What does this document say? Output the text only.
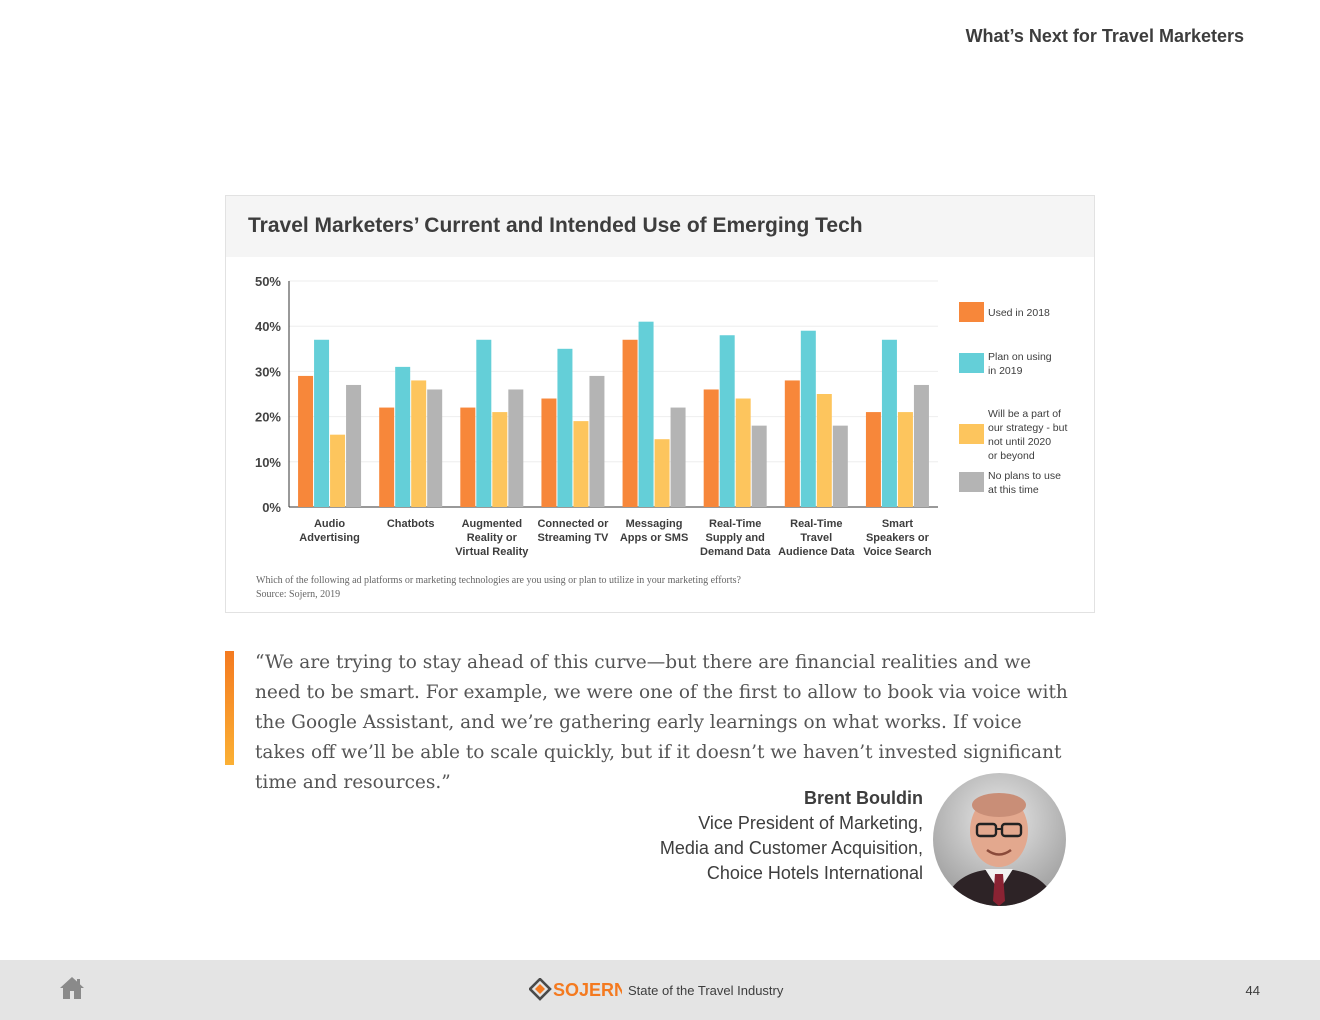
What’s Next for Travel Marketers
Travel Marketers’ Current and Intended Use of Emerging Tech
0%
10%
20%
30%
40%
50%
Audio
Advertising
Chatbots Augmented
Reality or
Virtual Reality
Connected or
Streaming TV
Messaging
Apps or SMS
Real-Time
Supply and
Demand Data
Real-Time
Travel
Audience Data
Smart
Speakers or
Voice Search
Used in 2018
Plan on using
in 2019
Will be a part of
our strategy - but
not until 2020
or beyond
No plans to use
at this time
Which of the following ad platforms or marketing technologies are you using or plan to utilize in your marketing efforts?
Source: Sojern, 2019
“We are trying to stay ahead of this curve—but there are financial realities and we need to be smart. For example, we were one of the first to allow to book via voice with the Google Assistant, and we’re gathering early learnings on what works. If voice takes off we’ll be able to scale quickly, but if it doesn’t we haven’t invested significant time and resources.”
Brent Bouldin
Vice President of Marketing,
Media and Customer Acquisition,
Choice Hotels International
SOJERN State of the Travel Industry	44
